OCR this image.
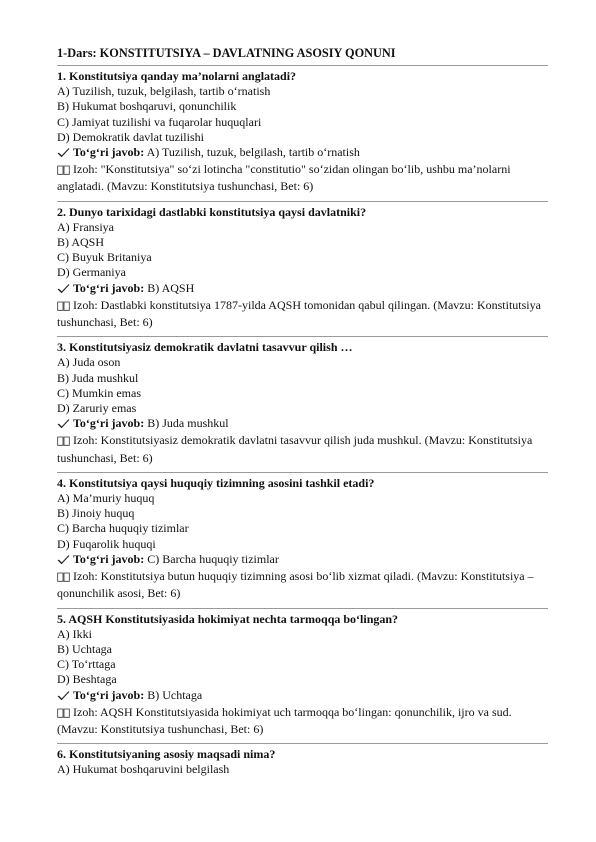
1-Dars: KONSTITUTSIYA – DAVLATNING ASOSIY QONUNI
1. Konstitutsiya qanday ma’nolarni anglatadi?
A) Tuzilish, tuzuk, belgilash, tartib o‘rnatish
B) Hukumat boshqaruvi, qonunchilik
C) Jamiyat tuzilishi va fuqarolar huquqlari
D) Demokratik davlat tuzilishi
To‘g‘ri javob: A) Tuzilish, tuzuk, belgilash, tartib o‘rnatish
Izoh: "Konstitutsiya" so‘zi lotincha "constitutio" so‘zidan olingan bo‘lib, ushbu ma’nolarni anglatadi. (Mavzu: Konstitutsiya tushunchasi, Bet: 6)
2. Dunyo tarixidagi dastlabki konstitutsiya qaysi davlatniki?
A) Fransiya
B) AQSH
C) Buyuk Britaniya
D) Germaniya
To‘g‘ri javob: B) AQSH
Izoh: Dastlabki konstitutsiya 1787-yilda AQSH tomonidan qabul qilingan. (Mavzu: Konstitutsiya tushunchasi, Bet: 6)
3. Konstitutsiyasiz demokratik davlatni tasavvur qilish …
A) Juda oson
B) Juda mushkul
C) Mumkin emas
D) Zaruriy emas
To‘g‘ri javob: B) Juda mushkul
Izoh: Konstitutsiyasiz demokratik davlatni tasavvur qilish juda mushkul. (Mavzu: Konstitutsiya tushunchasi, Bet: 6)
4. Konstitutsiya qaysi huquqiy tizimning asosini tashkil etadi?
A) Ma’muriy huquq
B) Jinoiy huquq
C) Barcha huquqiy tizimlar
D) Fuqarolik huquqi
To‘g‘ri javob: C) Barcha huquqiy tizimlar
Izoh: Konstitutsiya butun huquqiy tizimning asosi bo‘lib xizmat qiladi. (Mavzu: Konstitutsiya – qonunchilik asosi, Bet: 6)
5. AQSH Konstitutsiyasida hokimiyat nechta tarmoqqa bo‘lingan?
A) Ikki
B) Uchtaga
C) To‘rttaga
D) Beshtaga
To‘g‘ri javob: B) Uchtaga
Izoh: AQSH Konstitutsiyasida hokimiyat uch tarmoqqa bo‘lingan: qonunchilik, ijro va sud. (Mavzu: Konstitutsiya tushunchasi, Bet: 6)
6. Konstitutsiyaning asosiy maqsadi nima?
A) Hukumat boshqaruvini belgilash
